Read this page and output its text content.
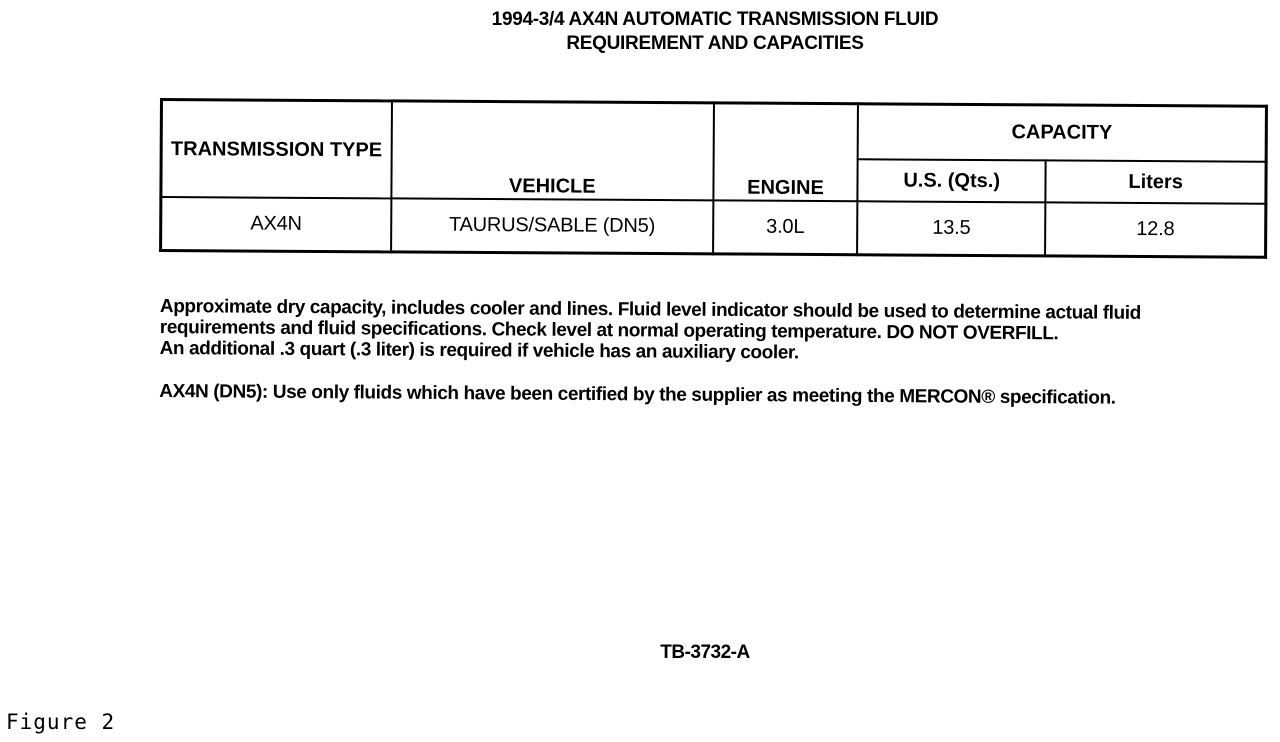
1994-3/4 AX4N AUTOMATIC TRANSMISSION FLUID
REQUIREMENT AND CAPACITIES
TRANSMISSION TYPE	VEHICLE	ENGINE	CAPACITY	
			U.S. (Qts.)	Liters
AX4N	TAURUS/SABLE (DN5)	3.0L	13.5	12.8

Approximate dry capacity, includes cooler and lines. Fluid level indicator should be used to determine actual fluid requirements and fluid specifications. Check level at normal operating temperature. DO NOT OVERFILL.

An additional .3 quart (.3 liter) is required if vehicle has an auxiliary cooler.

AX4N (DN5): Use only fluids which have been certified by the supplier as meeting the MERCON® specification.

TB-3732-A
Figure 2
